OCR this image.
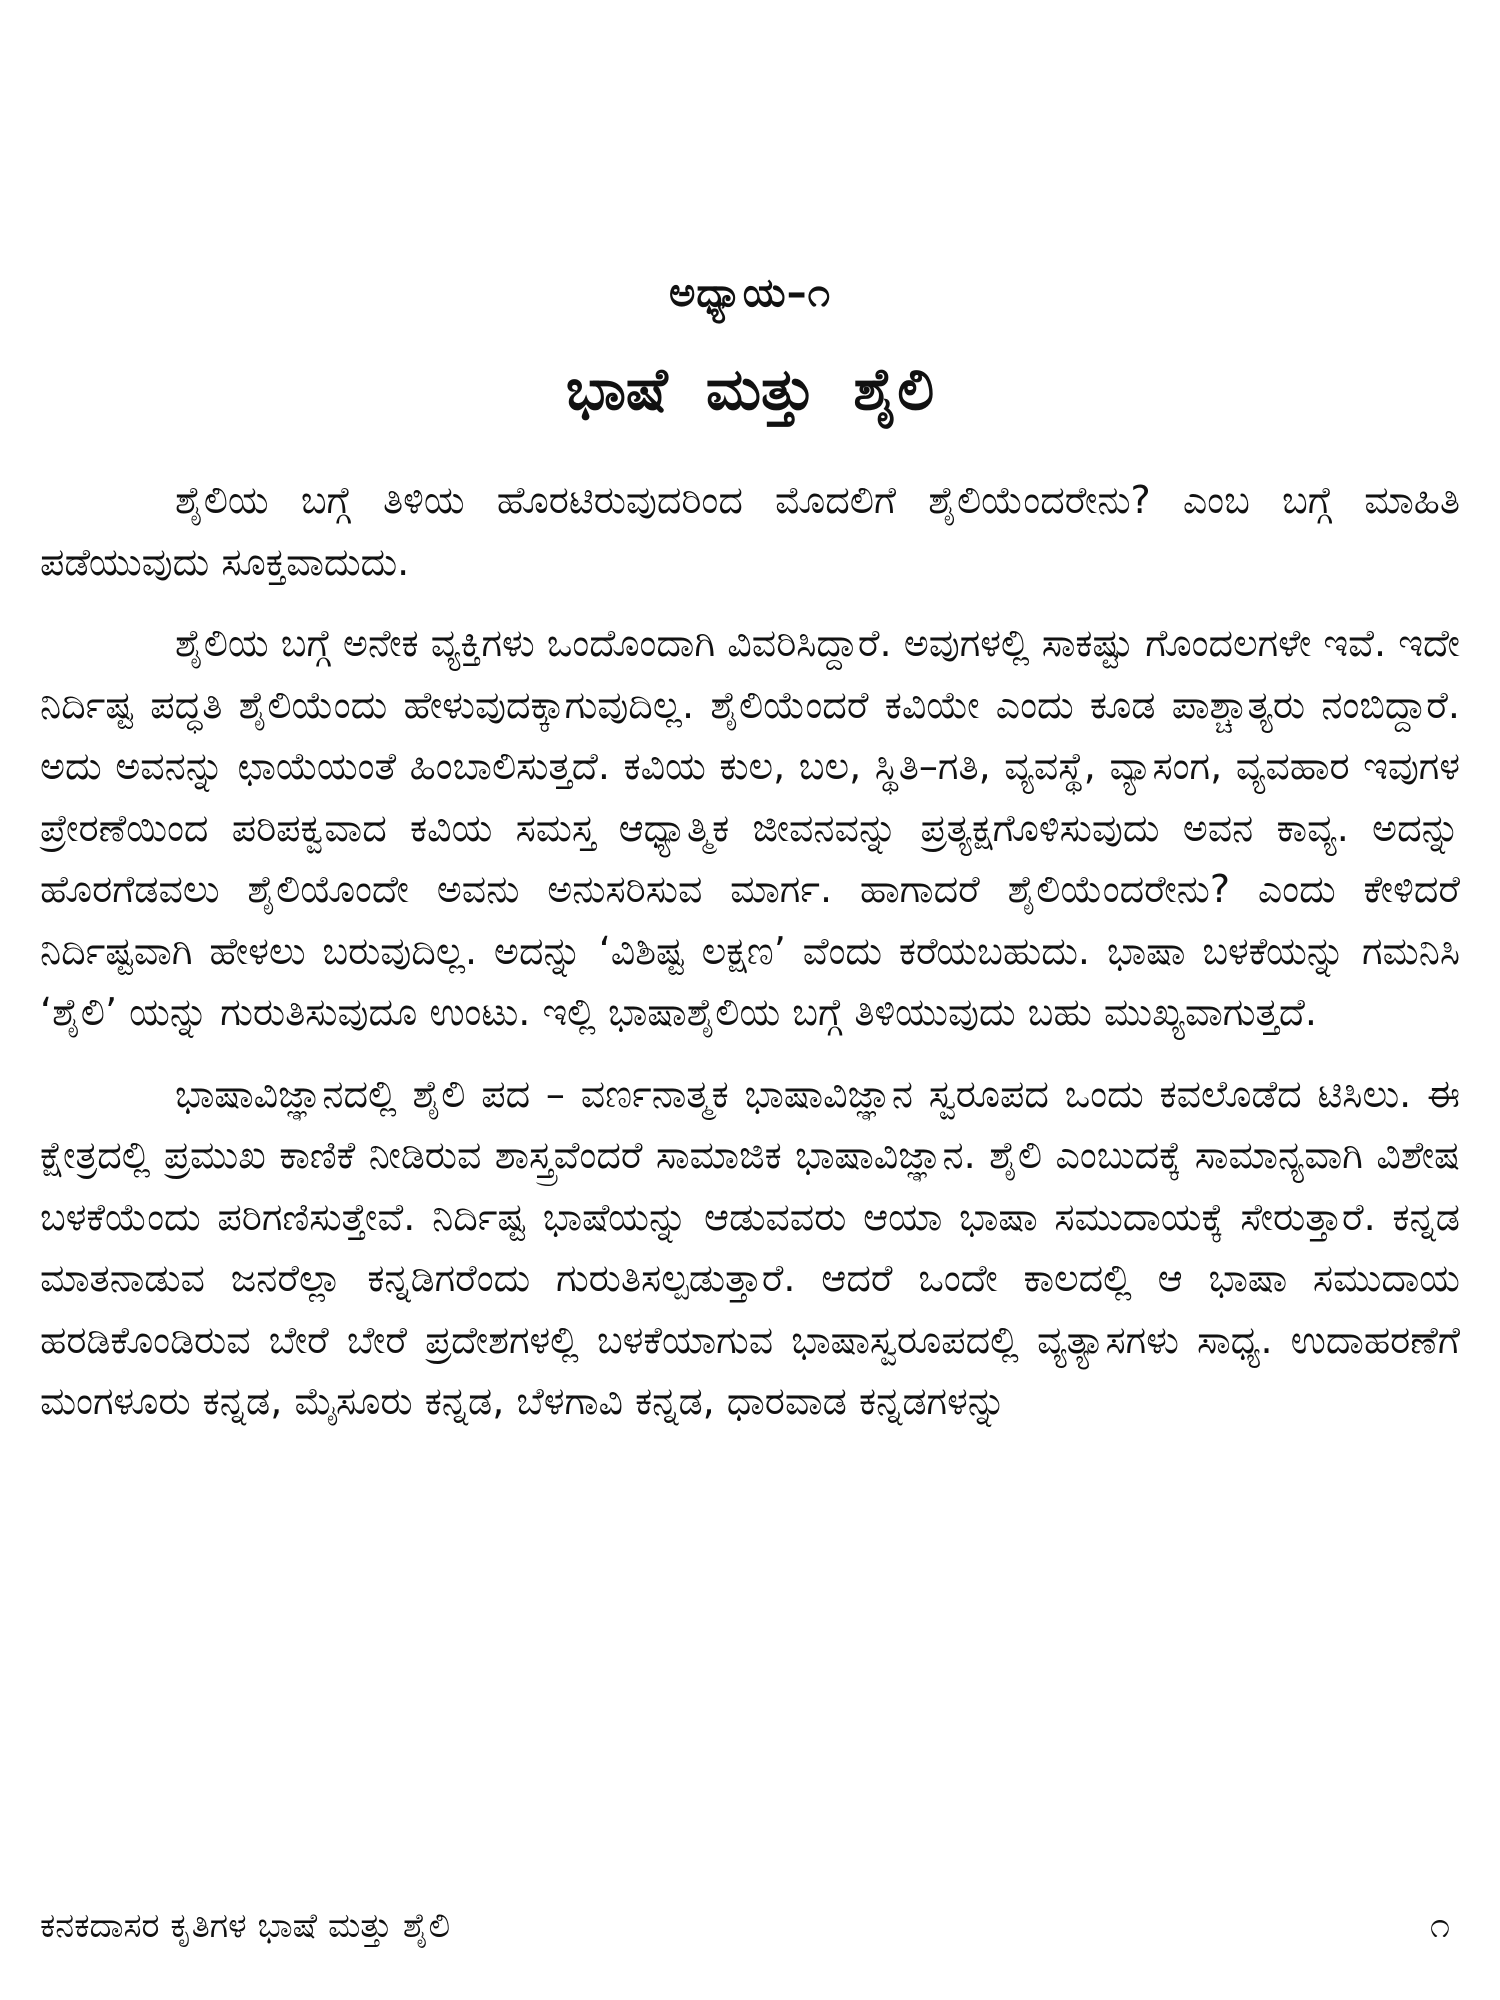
ಅಧ್ಯಾಯ–೧
ಭಾಷೆ ಮತ್ತು ಶೈಲಿ

ಶೈಲಿಯ ಬಗ್ಗೆ ತಿಳಿಯ ಹೊರಟಿರುವುದರಿಂದ ಮೊದಲಿಗೆ ಶೈಲಿಯೆಂದರೇನು? ಎಂಬ ಬಗ್ಗೆ ಮಾಹಿತಿ ಪಡೆಯುವುದು ಸೂಕ್ತವಾದುದು.

ಶೈಲಿಯ ಬಗ್ಗೆ ಅನೇಕ ವ್ಯಕ್ತಿಗಳು ಒಂದೊಂದಾಗಿ ವಿವರಿಸಿದ್ದಾರೆ. ಅವುಗಳಲ್ಲಿ ಸಾಕಷ್ಟು ಗೊಂದಲಗಳೇ ಇವೆ. ಇದೇ ನಿರ್ದಿಷ್ಟ ಪದ್ಧತಿ ಶೈಲಿಯೆಂದು ಹೇಳುವುದಕ್ಕಾಗುವುದಿಲ್ಲ. ಶೈಲಿಯೆಂದರೆ ಕವಿಯೇ ಎಂದು ಕೂಡ ಪಾಶ್ಚಾತ್ಯರು ನಂಬಿದ್ದಾರೆ. ಅದು ಅವನನ್ನು ಛಾಯೆಯಂತೆ ಹಿಂಬಾಲಿಸುತ್ತದೆ. ಕವಿಯ ಕುಲ, ಬಲ, ಸ್ಥಿತಿ–ಗತಿ, ವ್ಯವಸ್ಥೆ, ವ್ಯಾಸಂಗ, ವ್ಯವಹಾರ ಇವುಗಳ ಪ್ರೇರಣೆಯಿಂದ ಪರಿಪಕ್ವವಾದ ಕವಿಯ ಸಮಸ್ತ ಆಧ್ಯಾತ್ಮಿಕ ಜೀವನವನ್ನು ಪ್ರತ್ಯಕ್ಷಗೊಳಿಸುವುದು ಅವನ ಕಾವ್ಯ. ಅದನ್ನು ಹೊರಗೆಡವಲು ಶೈಲಿಯೊಂದೇ ಅವನು ಅನುಸರಿಸುವ ಮಾರ್ಗ. ಹಾಗಾದರೆ ಶೈಲಿಯೆಂದರೇನು? ಎಂದು ಕೇಳಿದರೆ ನಿರ್ದಿಷ್ಟವಾಗಿ ಹೇಳಲು ಬರುವುದಿಲ್ಲ. ಅದನ್ನು ‘ವಿಶಿಷ್ಟ ಲಕ್ಷಣ’ ವೆಂದು ಕರೆಯಬಹುದು. ಭಾಷಾ ಬಳಕೆಯನ್ನು ಗಮನಿಸಿ ‘ಶೈಲಿ’ ಯನ್ನು ಗುರುತಿಸುವುದೂ ಉಂಟು. ಇಲ್ಲಿ ಭಾಷಾಶೈಲಿಯ ಬಗ್ಗೆ ತಿಳಿಯುವುದು ಬಹು ಮುಖ್ಯವಾಗುತ್ತದೆ.

ಭಾಷಾವಿಜ್ಞಾನದಲ್ಲಿ ಶೈಲಿ ಪದ – ವರ್ಣನಾತ್ಮಕ ಭಾಷಾವಿಜ್ಞಾನ ಸ್ವರೂಪದ ಒಂದು ಕವಲೊಡೆದ ಟಿಸಿಲು. ಈ ಕ್ಷೇತ್ರದಲ್ಲಿ ಪ್ರಮುಖ ಕಾಣಿಕೆ ನೀಡಿರುವ ಶಾಸ್ತ್ರವೆಂದರೆ ಸಾಮಾಜಿಕ ಭಾಷಾವಿಜ್ಞಾನ. ಶೈಲಿ ಎಂಬುದಕ್ಕೆ ಸಾಮಾನ್ಯವಾಗಿ ವಿಶೇಷ ಬಳಕೆಯೆಂದು ಪರಿಗಣಿಸುತ್ತೇವೆ. ನಿರ್ದಿಷ್ಟ ಭಾಷೆಯನ್ನು ಆಡುವವರು ಆಯಾ ಭಾಷಾ ಸಮುದಾಯಕ್ಕೆ ಸೇರುತ್ತಾರೆ. ಕನ್ನಡ ಮಾತನಾಡುವ ಜನರೆಲ್ಲಾ ಕನ್ನಡಿಗರೆಂದು ಗುರುತಿಸಲ್ಪಡುತ್ತಾರೆ. ಆದರೆ ಒಂದೇ ಕಾಲದಲ್ಲಿ ಆ ಭಾಷಾ ಸಮುದಾಯ ಹರಡಿಕೊಂಡಿರುವ ಬೇರೆ ಬೇರೆ ಪ್ರದೇಶಗಳಲ್ಲಿ ಬಳಕೆಯಾಗುವ ಭಾಷಾಸ್ವರೂಪದಲ್ಲಿ ವ್ಯತ್ಯಾಸಗಳು ಸಾಧ್ಯ. ಉದಾಹರಣೆಗೆ ಮಂಗಳೂರು ಕನ್ನಡ, ಮೈಸೂರು ಕನ್ನಡ, ಬೆಳಗಾವಿ ಕನ್ನಡ, ಧಾರವಾಡ ಕನ್ನಡಗಳನ್ನು

ಕನಕದಾಸರ ಕೃತಿಗಳ ಭಾಷೆ ಮತ್ತು ಶೈಲಿ	೧
